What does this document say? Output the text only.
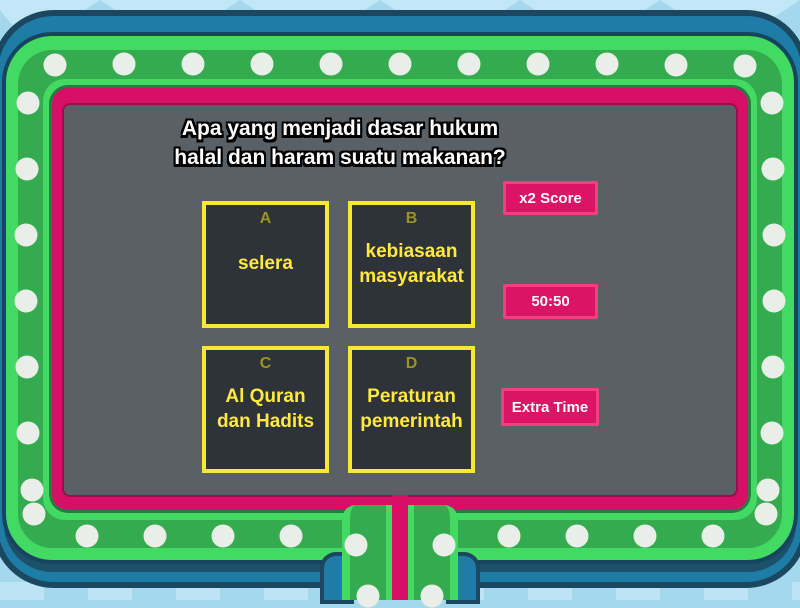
Apa yang menjadi dasar hukum halal dan haram suatu makanan?
A
selera
B
kebiasaan masyarakat
C
Al Quran dan Hadits
D
Peraturan pemerintah
x2 Score
50:50
Extra Time
